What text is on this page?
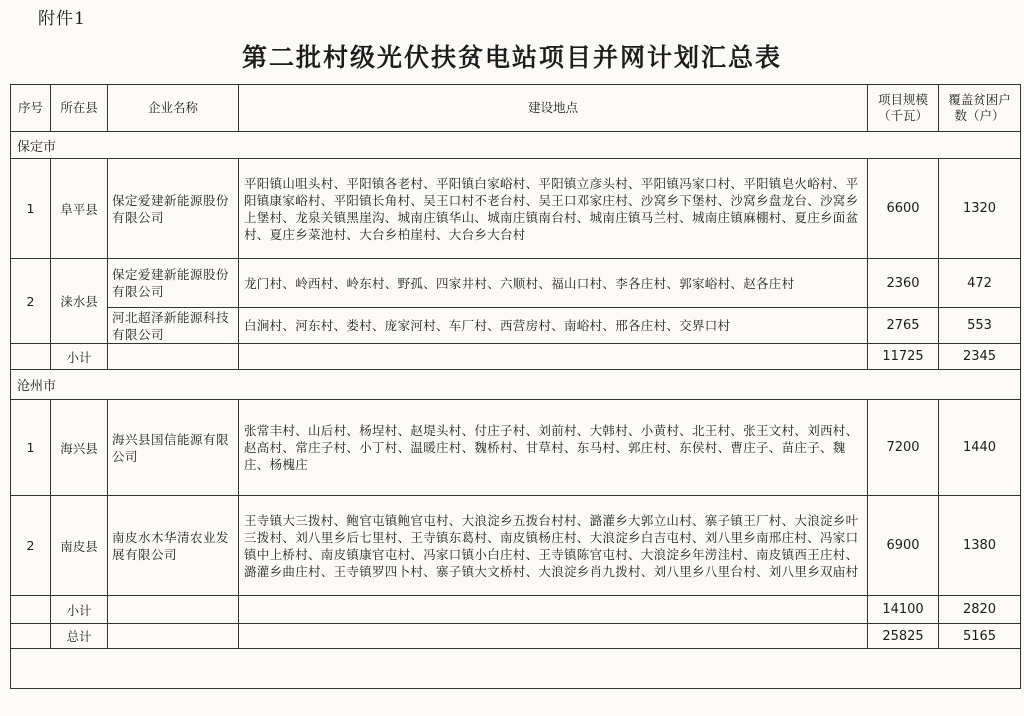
附件1
第二批村级光伏扶贫电站项目并网计划汇总表
序号	所在县	企业名称	建设地点	项目规模（千瓦）	覆盖贫困户数（户）
保定市					
1	阜平县	保定爱建新能源股份有限公司	平阳镇山咀头村、平阳镇各老村、平阳镇白家峪村、平阳镇立彦头村、平阳镇冯家口村、平阳镇皂火峪村、平阳镇康家峪村、平阳镇长角村、吴王口村不老台村、吴王口邓家庄村、沙窝乡下堡村、沙窝乡盘龙台、沙窝乡上堡村、龙泉关镇黑崖沟、城南庄镇华山、城南庄镇南台村、城南庄镇马兰村、城南庄镇麻棚村、夏庄乡面盆村、夏庄乡菜池村、大台乡柏崖村、大台乡大台村	6600	1320
2	涞水县	保定爱建新能源股份有限公司	龙门村、岭西村、岭东村、野孤、四家井村、六顺村、福山口村、李各庄村、郭家峪村、赵各庄村	2360	472
		河北超泽新能源科技有限公司	白涧村、河东村、娄村、庞家河村、车厂村、西营房村、南峪村、邢各庄村、交界口村	2765	553
	小计			11725	2345
沧州市					
1	海兴县	海兴县国信能源有限公司	张常丰村、山后村、杨埕村、赵堤头村、付庄子村、刘前村、大韩村、小黄村、北王村、张王文村、刘西村、赵高村、常庄子村、小丁村、温暖庄村、魏桥村、甘草村、东马村、郭庄村、东侯村、曹庄子、苗庄子、魏庄、杨槐庄	7200	1440
2	南皮县	南皮水木华清农业发展有限公司	王寺镇大三拨村、鲍官屯镇鲍官屯村、大浪淀乡五拨台村村、潞灌乡大郭立山村、寨子镇王厂村、大浪淀乡叶三拨村、刘八里乡后七里村、王寺镇东葛村、南皮镇杨庄村、大浪淀乡白吉屯村、刘八里乡南邢庄村、冯家口镇中上桥村、南皮镇康官屯村、冯家口镇小白庄村、王寺镇陈官屯村、大浪淀乡年涝洼村、南皮镇西王庄村、潞灌乡曲庄村、王寺镇罗四卜村、寨子镇大文桥村、大浪淀乡肖九拨村、刘八里乡八里台村、刘八里乡双庙村	6900	1380
	小计			14100	2820
	总计			25825	5165
